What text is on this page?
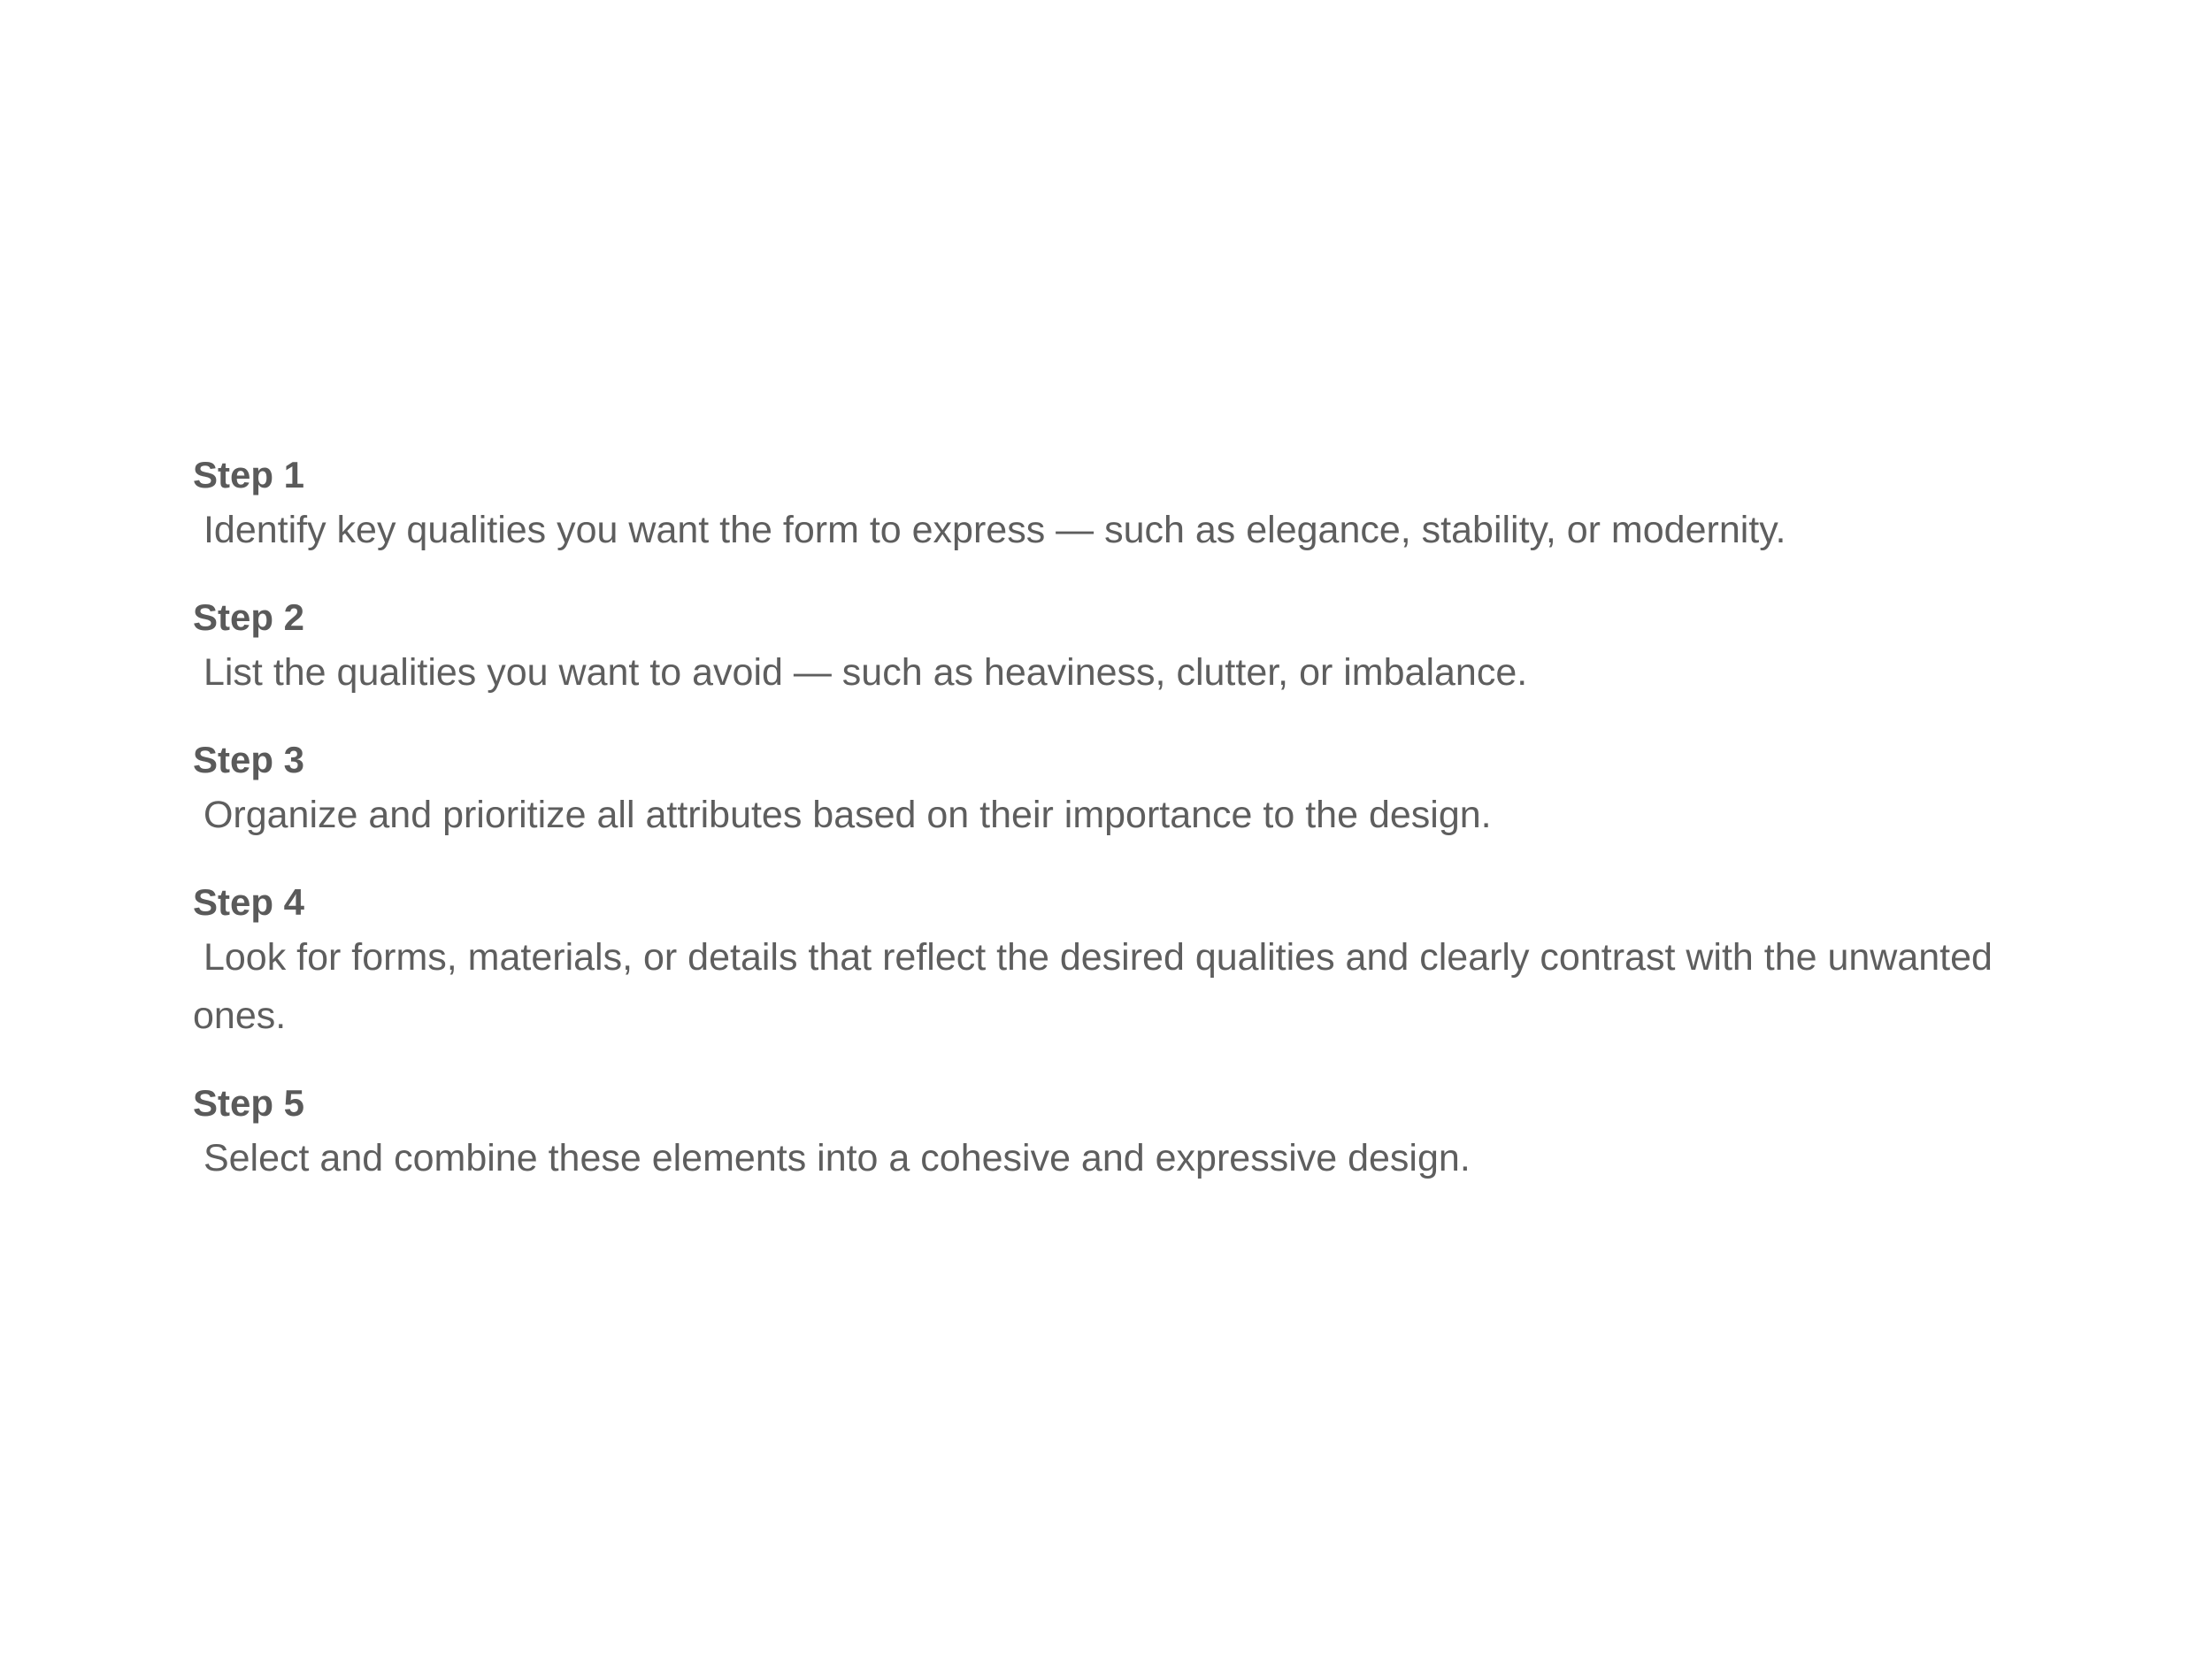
Step 1
Identify key qualities you want the form to express — such as elegance, stability, or modernity.
Step 2
List the qualities you want to avoid — such as heaviness, clutter, or imbalance.
Step 3
Organize and prioritize all attributes based on their importance to the design.
Step 4
Look for forms, materials, or details that reflect the desired qualities and clearly contrast with the unwanted ones.
Step 5
Select and combine these elements into a cohesive and expressive design.
